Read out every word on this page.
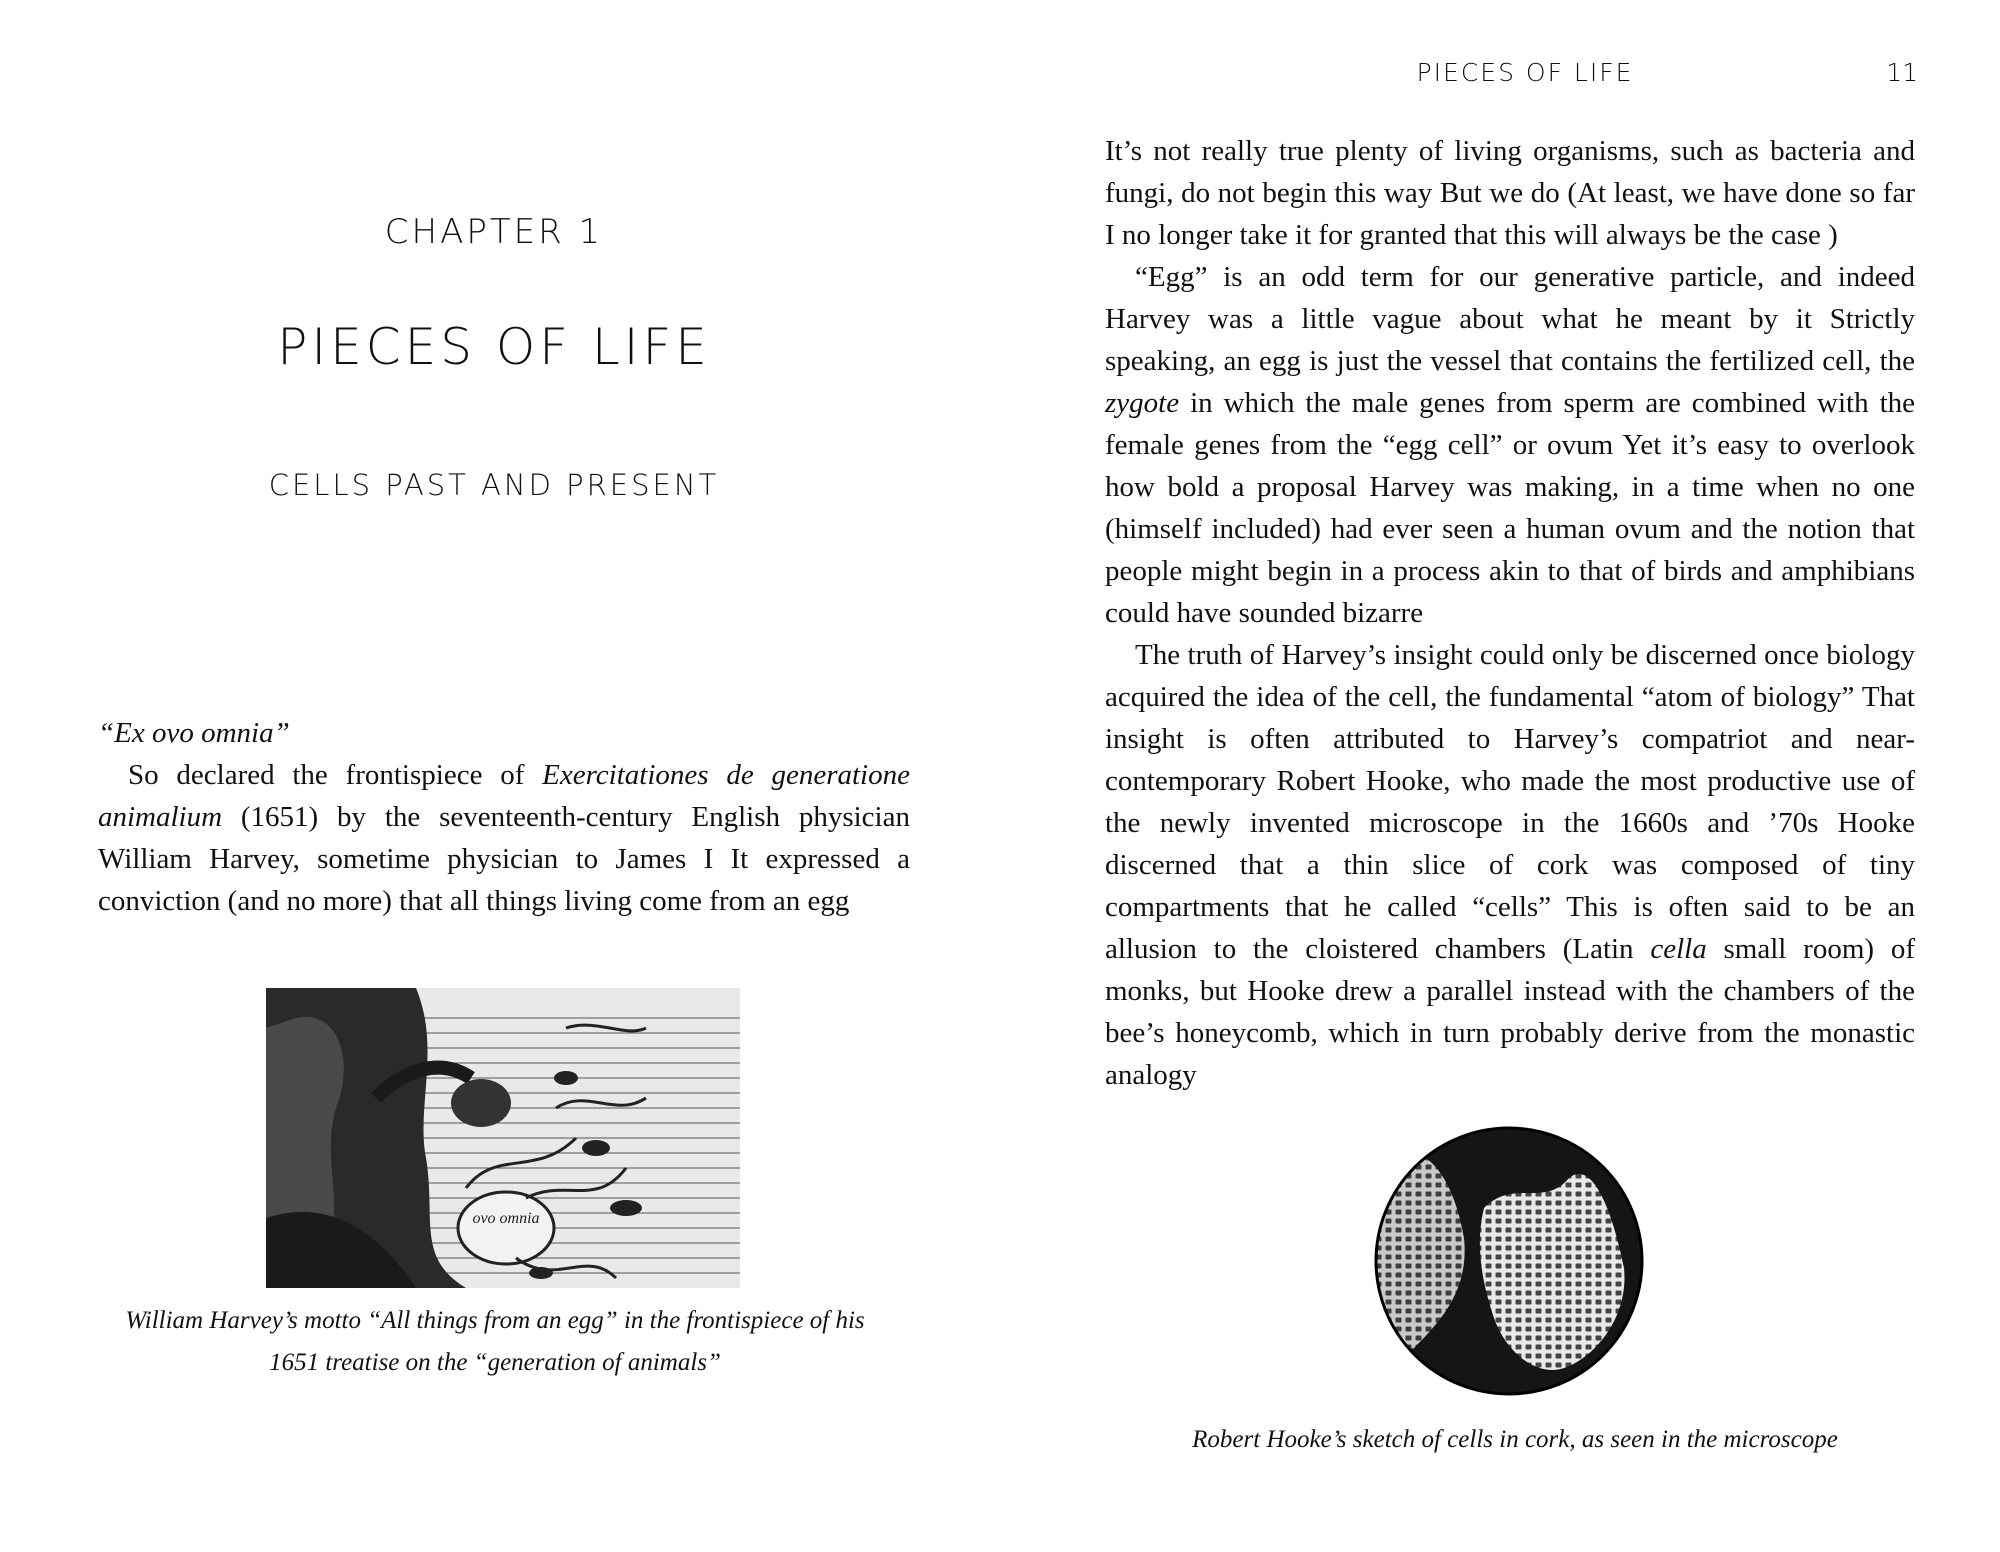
CHAPTER 1
PIECES OF LIFE
CELLS PAST AND PRESENT

“Ex ovo omnia”

So declared the frontispiece of Exercitationes de generatione animalium (1651) by the seventeenth-century English physician William Harvey, sometime physician to James I It expressed a conviction (and no more) that all things living come from an egg

ovo omnia
William Harvey’s motto “All things from an egg” in the frontispiece of his 1651 treatise on the “generation of animals”
PIECES OF LIFE	11

It’s not really true plenty of living organisms, such as bacteria and fungi, do not begin this way But we do (At least, we have done so far I no longer take it for granted that this will always be the case )

“Egg” is an odd term for our generative particle, and indeed Harvey was a little vague about what he meant by it Strictly speaking, an egg is just the vessel that contains the fertilized cell, the zygote in which the male genes from sperm are combined with the female genes from the “egg cell” or ovum Yet it’s easy to overlook how bold a proposal Harvey was making, in a time when no one (himself included) had ever seen a human ovum and the notion that people might begin in a process akin to that of birds and amphibians could have sounded bizarre

The truth of Harvey’s insight could only be discerned once biology acquired the idea of the cell, the fundamental “atom of biology” That insight is often attributed to Harvey’s compatriot and near-contemporary Robert Hooke, who made the most productive use of the newly invented microscope in the 1660s and ’70s Hooke discerned that a thin slice of cork was composed of tiny compartments that he called “cells” This is often said to be an allusion to the cloistered chambers (Latin cella small room) of monks, but Hooke drew a parallel instead with the chambers of the bee’s honeycomb, which in turn probably derive from the monastic analogy

Robert Hooke’s sketch of cells in cork, as seen in the microscope
